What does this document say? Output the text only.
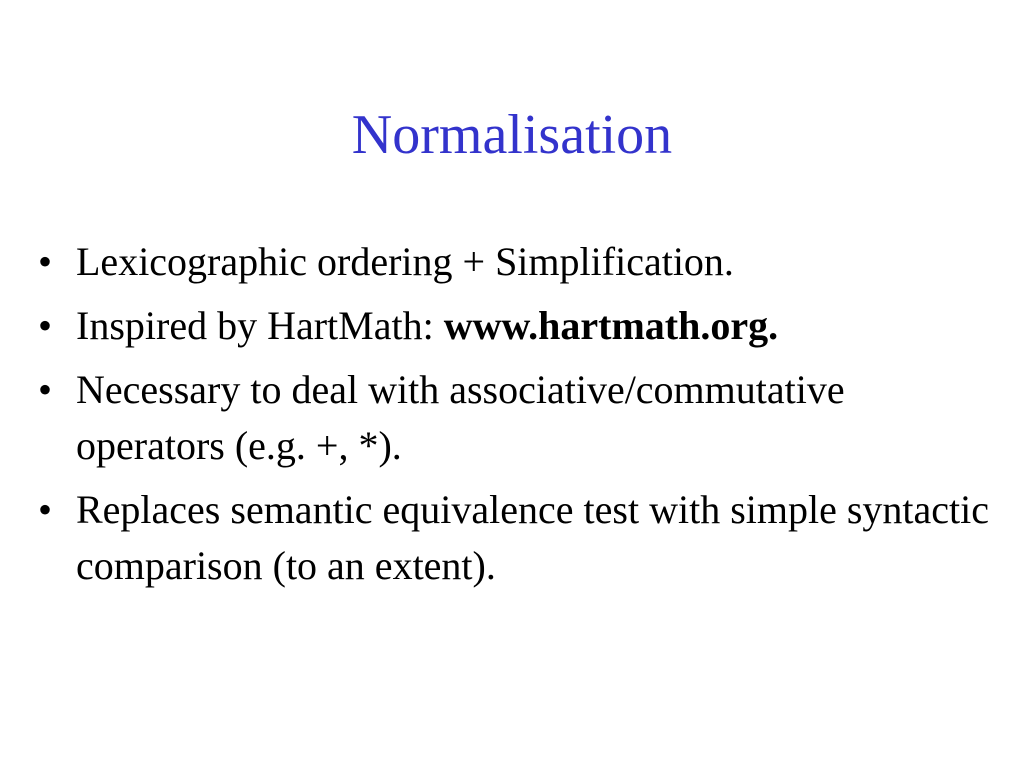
Normalisation
• Lexicographic ordering + Simplification.
• Inspired by HartMath: www.hartmath.org.
• Necessary to deal with associative/commutative operators (e.g. +, *).
• Replaces semantic equivalence test with simple syntactic comparison (to an extent).
